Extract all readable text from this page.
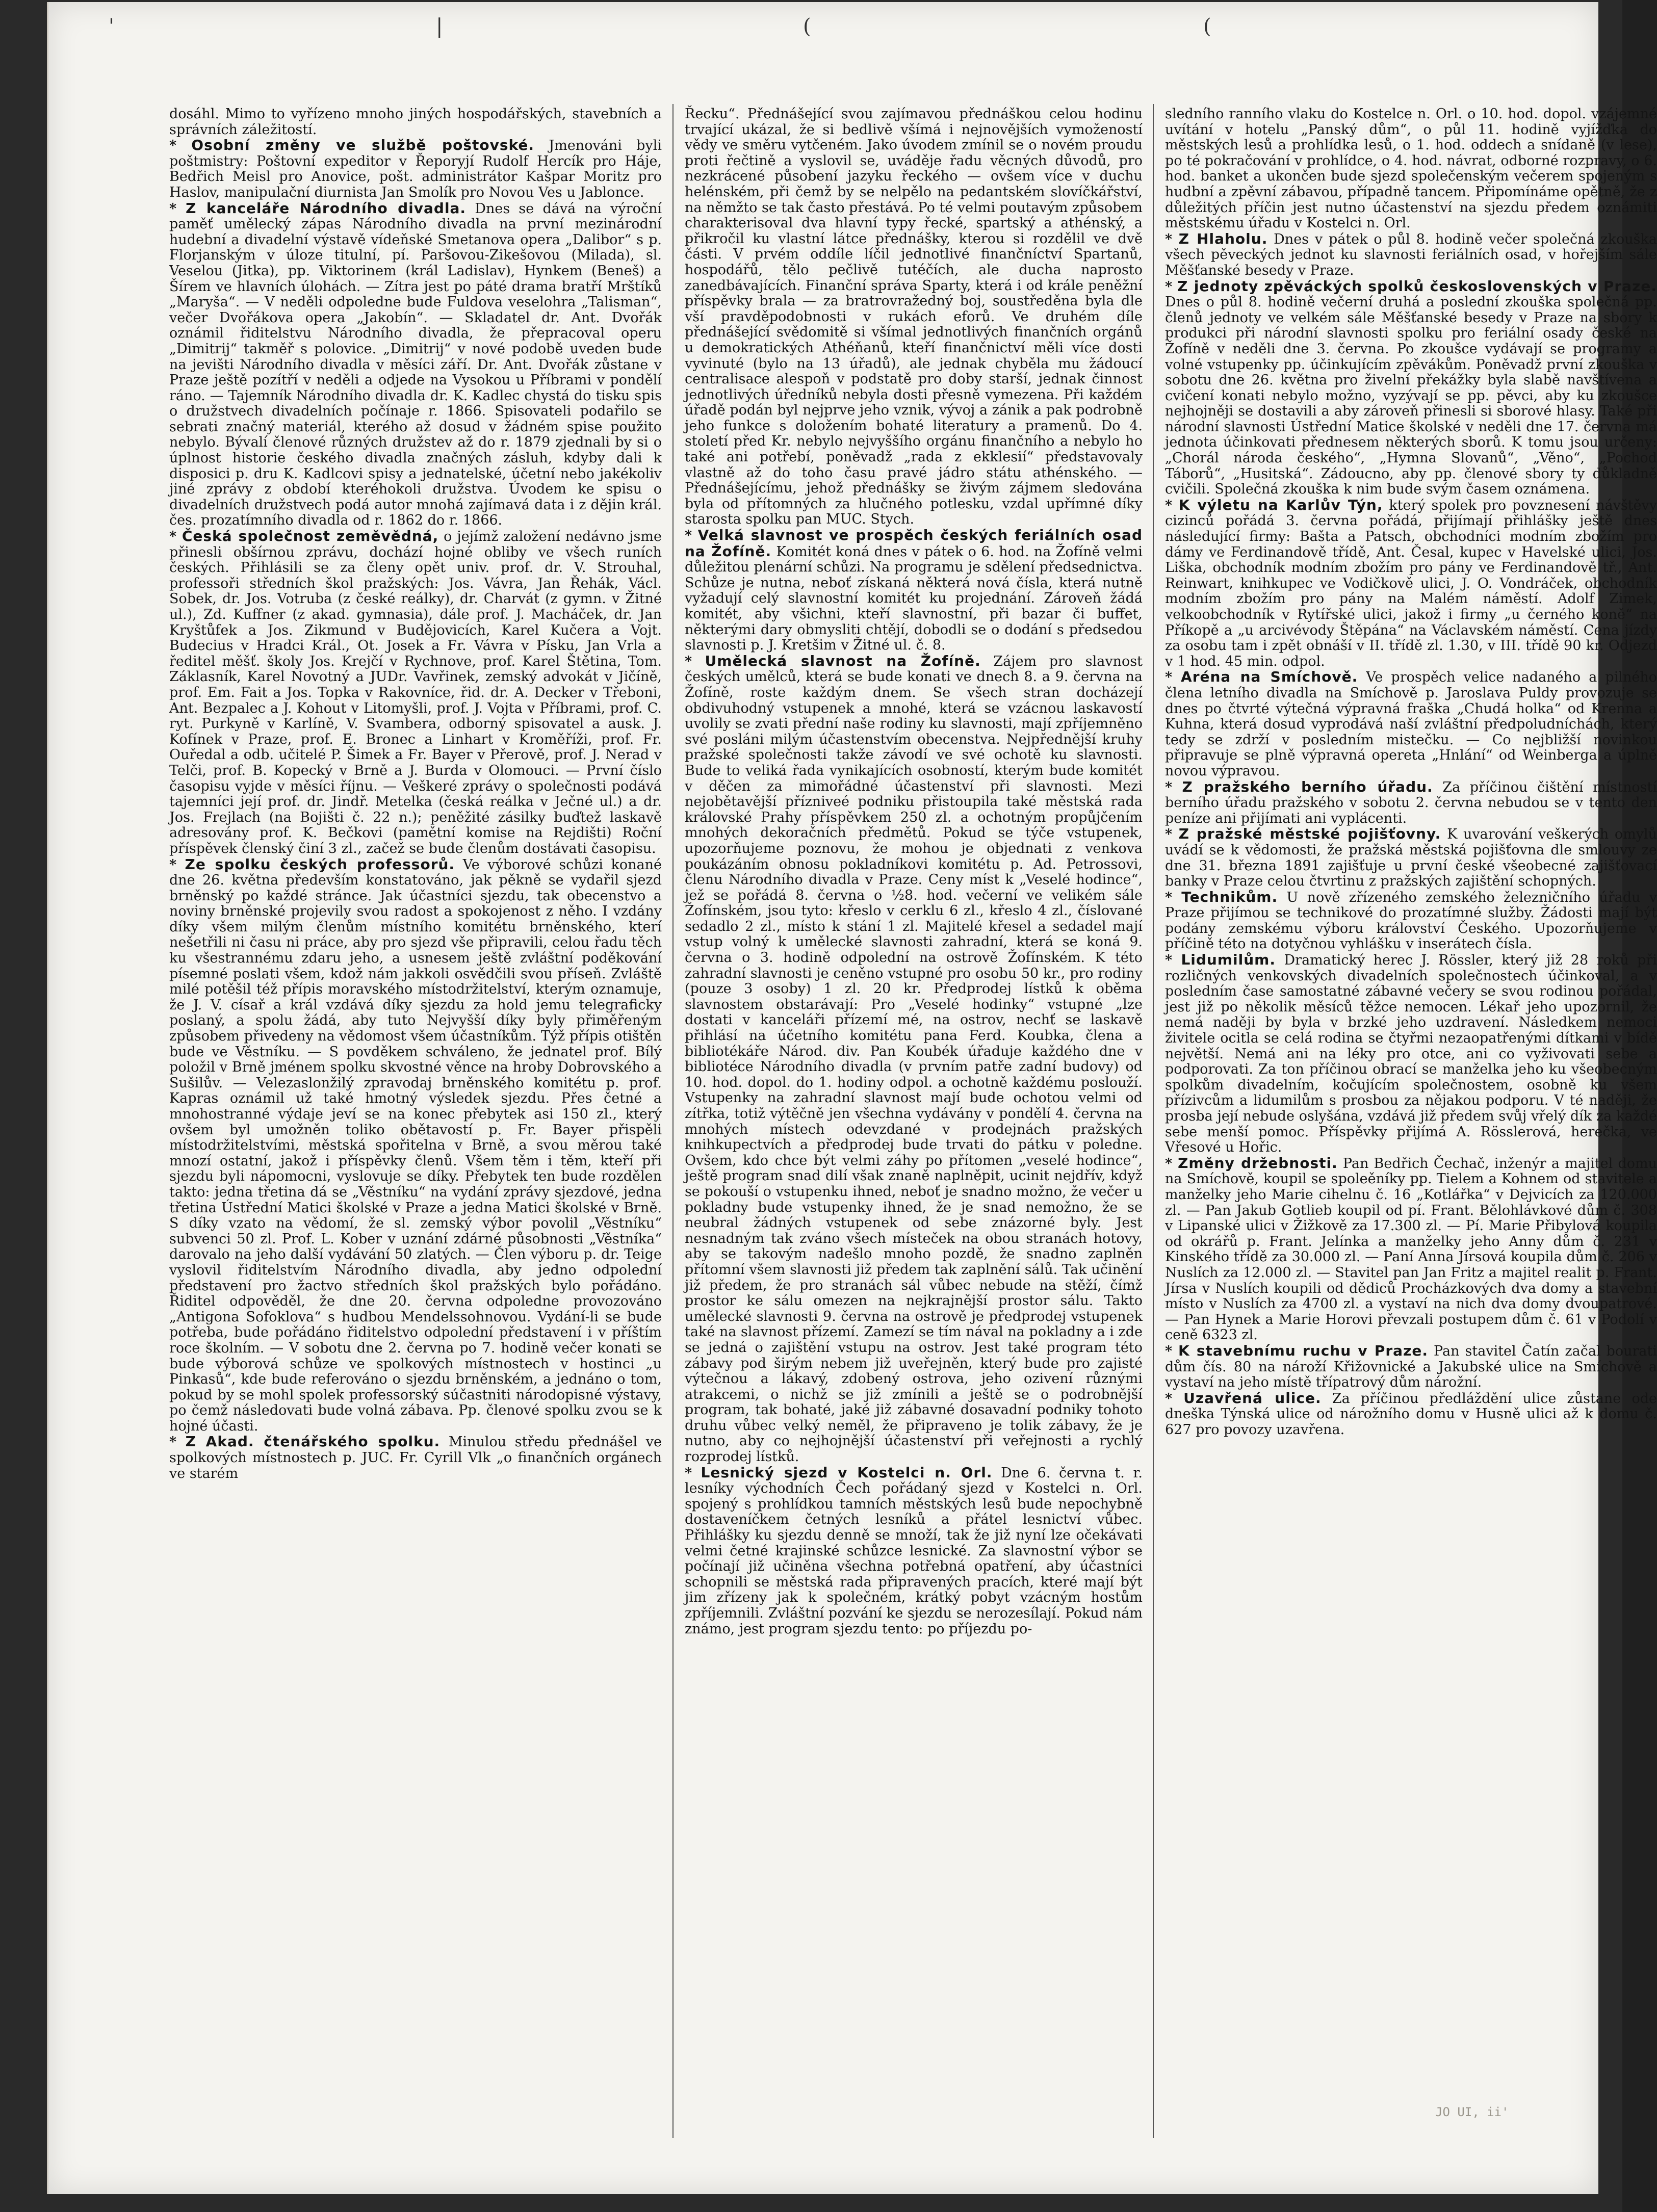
'	|	(	(

dosáhl. Mimo to vyřízeno mnoho jiných hospodářských, stavebních a správních záležitostí.

* Osobní změny ve službě poštovské. Jmenováni byli poštmistry: Poštovní expeditor v Řeporyjí Rudolf Hercík pro Háje, Bedřich Meisl pro Anovice, pošt. administrátor Kašpar Moritz pro Haslov, manipulační diurnista Jan Smolík pro Novou Ves u Jablonce.

* Z kanceláře Národního divadla. Dnes se dává na výroční paměť umělecký zápas Národního divadla na první mezinárodní hudební a divadelní výstavě vídeňské Smetanova opera „Dalibor“ s p. Florjanským v úloze titulní, pí. Paršovou-Zikešovou (Milada), sl. Veselou (Jitka), pp. Viktorinem (král Ladislav), Hynkem (Beneš) a Šírem ve hlavních úlohách. — Zítra jest po páté drama bratří Mrštíků „Maryša“. — V neděli odpoledne bude Fuldova veselohra „Talisman“, večer Dvořákova opera „Jakobín“. — Skladatel dr. Ant. Dvořák oznámil řiditelstvu Národního divadla, že přepracoval operu „Dimitrij“ takměř s polovice. „Dimitrij“ v nové podobě uveden bude na jevišti Národního divadla v měsíci září. Dr. Ant. Dvořák zůstane v Praze ještě pozítří v neděli a odjede na Vysokou u Příbrami v pondělí ráno. — Tajemník Národního divadla dr. K. Kadlec chystá do tisku spis o družstvech divadelních počínaje r. 1866. Spisovateli podařilo se sebrati značný materiál, kterého až dosud v žádném spise použito nebylo. Bývalí členové různých družstev až do r. 1879 zjednali by si o úplnost historie českého divadla značných zásluh, kdyby dali k disposici p. dru K. Kadlcovi spisy a jednatelské, účetní nebo jakékoliv jiné zprávy z období kteréhokoli družstva. Úvodem ke spisu o divadelních družstvech podá autor mnohá zajímavá data i z dějin král. čes. prozatímního divadla od r. 1862 do r. 1866.

* Česká společnost zeměvědná, o jejímž založení nedávno jsme přinesli obšírnou zprávu, dochází hojné obliby ve všech runích českých. Přihlásili se za členy opět univ. prof. dr. V. Strouhal, professoři středních škol pražských: Jos. Vávra, Jan Řehák, Václ. Sobek, dr. Jos. Votruba (z české reálky), dr. Charvát (z gymn. v Žitné ul.), Zd. Kuffner (z akad. gymnasia), dále prof. J. Macháček, dr. Jan Kryštůfek a Jos. Zikmund v Budějovicích, Karel Kučera a Vojt. Budecius v Hradci Král., Ot. Josek a Fr. Vávra v Písku, Jan Vrla a ředitel měšť. školy Jos. Krejčí v Rychnove, prof. Karel Štětina, Tom. Záklasník, Karel Novotný a JUDr. Vavřinek, zemský advokát v Jičíně, prof. Em. Fait a Jos. Topka v Rakovníce, řid. dr. A. Decker v Třeboni, Ant. Bezpalec a J. Kohout v Litomyšli, prof. J. Vojta v Příbrami, prof. C. ryt. Purkyně v Karlíně, V. Svambera, odborný spisovatel a ausk. J. Kofínek v Praze, prof. E. Bronec a Linhart v Kroměříži, prof. Fr. Ouředal a odb. učitelé P. Šimek a Fr. Bayer v Přerově, prof. J. Nerad v Telči, prof. B. Kopecký v Brně a J. Burda v Olomouci. — První číslo časopisu vyjde v měsíci říjnu. — Veškeré zprávy o společnosti podává tajemníci její prof. dr. Jindř. Metelka (česká reálka v Ječné ul.) a dr. Jos. Frejlach (na Bojišti č. 22 n.); peněžité zásilky buďtež laskavě adresovány prof. K. Bečkovi (pamětní komise na Rejdišti) Roční příspěvek členský činí 3 zl., začež se bude členům dostávati časopisu.

* Ze spolku českých professorů. Ve výborové schůzi konané dne 26. května především konstatováno, jak pěkně se vydařil sjezd brněnský po každé stránce. Jak účastníci sjezdu, tak obecenstvo a noviny brněnské projevily svou radost a spokojenost z něho. I vzdány díky všem milým členům místního komitétu brněnského, kterí nešetřili ni času ni práce, aby pro sjezd vše připravili, celou řadu těch ku všestrannému zdaru jeho, a usnesem ještě zvláštní poděkování písemné poslati všem, kdož nám jakkoli osvědčili svou příseň. Zvláště milé potěšil též přípis moravského místodržitelství, kterým oznamuje, že J. V. císař a král vzdává díky sjezdu za hold jemu telegraficky poslaný, a spolu žádá, aby tuto Nejvyšší díky byly přiměřeným způsobem přivedeny na vědomost všem účastníkům. Týž přípis otištěn bude ve Věstníku. — S povděkem schváleno, že jednatel prof. Bílý položil v Brně jménem spolku skvostné věnce na hroby Dobrovského a Sušilův. — Velezaslonžilý zpravodaj brněnského komitétu p. prof. Kapras oznámil už také hmotný výsledek sjezdu. Přes četné a mnohostranné výdaje jeví se na konec přebytek asi 150 zl., který ovšem byl umožněn toliko obětavostí p. Fr. Bayer přispěli místodržitelstvími, městská spořitelna v Brně, a svou měrou také mnozí ostatní, jakož i příspěvky členů. Všem těm i těm, kteří při sjezdu byli nápomocni, vyslovuje se díky. Přebytek ten bude rozdělen takto: jedna třetina dá se „Věstníku“ na vydání zprávy sjezdové, jedna třetina Ústřední Matici školské v Praze a jedna Matici školské v Brně. S díky vzato na vědomí, že sl. zemský výbor povolil „Věstníku“ subvenci 50 zl. Prof. L. Kober v uznání zdárné působnosti „Věstníka“ darovalo na jeho další vydávání 50 zlatých. — Člen výboru p. dr. Teige vyslovil řiditelstvím Národního divadla, aby jedno odpolední představení pro žactvo středních škol pražských bylo pořádáno. Řiditel odpověděl, že dne 20. června odpoledne provozováno „Antigona Sofoklova“ s hudbou Mendelssohnovou. Vydání-li se bude potřeba, bude pořádáno řiditelstvo odpolední představení i v příštím roce školním. — V sobotu dne 2. června po 7. hodině večer konati se bude výborová schůze ve spolkových místnostech v hostinci „u Pinkasů“, kde bude referováno o sjezdu brněnském, a jednáno o tom, pokud by se mohl spolek professorský súčastniti národopisné výstavy, po čemž následovati bude volná zábava. Pp. členové spolku zvou se k hojné účasti.

* Z Akad. čtenářského spolku. Minulou středu přednášel ve spolkových místnostech p. JUC. Fr. Cyrill Vlk „o finančních orgánech ve starém

Řecku“. Přednášející svou zajímavou přednáškou celou hodinu trvající ukázal, že si bedlivě všímá i nejnovějších vymožeností vědy ve směru vytčeném. Jako úvodem zmínil se o novém proudu proti řečtině a vyslovil se, uváděje řadu věcných důvodů, pro nezkrácené působení jazyku řeckého — ovšem více v duchu helénském, při čemž by se nelpělo na pedantském slovíčkářství, na němžto se tak často přestává. Po té velmi poutavým způsobem charakterisoval dva hlavní typy řecké, spartský a athénský, a přikročil ku vlastní látce přednášky, kterou si rozdělil ve dvě části. V prvém oddíle líčil jednotlivé finančníctví Spartanů, hospodářů, tělo pečlivě tutéčích, ale ducha naprosto zanedbávajících. Finanční správa Sparty, která i od krále peněžní příspěvky brala — za bratrovražedný boj, soustředěna byla dle vší pravděpodobnosti v rukách eforů. Ve druhém díle přednášející svědomitě si všímal jednotlivých finančních orgánů u demokratických Athéňanů, kteří finančnictví měli více dosti vyvinuté (bylo na 13 úřadů), ale jednak chyběla mu žádoucí centralisace alespoň v podstatě pro doby starší, jednak činnost jednotlivých úředníků nebyla dosti přesně vymezena. Při každém úřadě podán byl nejprve jeho vznik, vývoj a zánik a pak podrobně jeho funkce s doložením bohaté literatury a pramenů. Do 4. století před Kr. nebylo nejvyššího orgánu finančního a nebylo ho také ani potřebí, poněvadž „rada z ekklesií“ představovaly vlastně až do toho času pravé jádro státu athénského. — Přednášejícímu, jehož přednášky se živým zájmem sledována byla od přítomných za hlučného potlesku, vzdal upřímné díky starosta spolku pan MUC. Stych.

* Velká slavnost ve prospěch českých feriálních osad na Žofíně. Komitét koná dnes v pátek o 6. hod. na Žofíně velmi důležitou plenární schůzi. Na programu je sdělení předsednictva. Schůze je nutna, neboť získaná některá nová čísla, která nutně vyžadují celý slavnostní komitét ku projednání. Zároveň žádá komitét, aby všichni, kteří slavnostní, při bazar či buffet, některými dary obmysliti chtějí, dobodli se o dodání s předsedou slavnosti p. J. Kretšim v Žitné ul. č. 8.

* Umělecká slavnost na Žofíně. Zájem pro slavnost českých umělců, která se bude konati ve dnech 8. a 9. června na Žofíně, roste každým dnem. Se všech stran docházejí obdivuhodný vstupenek a mnohé, která se vzácnou laskavostí uvolily se zvati přední naše rodiny ku slavnosti, mají zpříjemněno své posláni milým účastenstvím obecenstva. Nejpřednější kruhy pražské společnosti takže závodí ve své ochotě ku slavnosti. Bude to veliká řada vynikajících osobností, kterým bude komitét v děčen za mimořádné účastenství při slavnosti. Mezi nejobětavější přízniveé podniku přistoupila také městská rada královské Prahy příspěvkem 250 zl. a ochotným propůjčením mnohých dekoračních předmětů. Pokud se týče vstupenek, upozorňujeme poznovu, že mohou je objednati z venkova poukázáním obnosu pokladníkovi komitétu p. Ad. Petrossovi, členu Národního divadla v Praze. Ceny míst k „Veselé hodince“, jež se pořádá 8. června o ½8. hod. večerní ve velikém sále Žofínském, jsou tyto: křeslo v cerklu 6 zl., křeslo 4 zl., číslované sedadlo 2 zl., místo k stání 1 zl. Majitelé křesel a sedadel mají vstup volný k umělecké slavnosti zahradní, která se koná 9. června o 3. hodině odpolední na ostrově Žofínském. K této zahradní slavnosti je ceněno vstupné pro osobu 50 kr., pro rodiny (pouze 3 osoby) 1 zl. 20 kr. Předprodej lístků k oběma slavnostem obstarávají: Pro „Veselé hodinky“ vstupné „lze dostati v kanceláři přízemí mé, na ostrov, nechť se laskavě přihlásí na účetního komitétu pana Ferd. Koubka, člena a bibliotékáře Národ. div. Pan Koubék úřaduje každého dne v bibliotéce Národního divadla (v prvním patře zadní budovy) od 10. hod. dopol. do 1. hodiny odpol. a ochotně každému poslouží. Vstupenky na zahradní slavnost mají bude ochotou velmi od zítřka, totiž výtěčně jen všechna vydávány v pondělí 4. června na mnohých místech odevzdané v prodejnách pražských knihkupectvích a předprodej bude trvati do pátku v poledne. Ovšem, kdo chce být velmi záhy po přítomen „veselé hodince“, ještě program snad dilí však znaně naplněpit, ucinit nejdřív, když se pokouší o vstupenku ihned, neboť je snadno možno, že večer u pokladny bude vstupenky ihned, že je snad nemožno, že se neubral žádných vstupenek od sebe znázorné byly. Jest nesnadným tak zváno všech místeček na obou stranách hotovy, aby se takovým nadešlo mnoho pozdě, že snadno zaplněn přítomní všem slavnosti již předem tak zaplnění sálů. Tak učinění již předem, že pro stranách sál vůbec nebude na stěží, čímž prostor ke sálu omezen na nejkrajnější prostor sálu. Takto umělecké slavnosti 9. června na ostrově je předprodej vstupenek také na slavnost přízemí. Zamezí se tím nával na pokladny a i zde se jedná o zajištění vstupu na ostrov. Jest také program této zábavy pod širým nebem již uveřejněn, který bude pro zajisté výtečnou a lákavý, zdobený ostrova, jeho ozivení různými atrakcemi, o nichž se již zmínili a ještě se o podrobnější program, tak bohaté, jaké již zábavné dosavadní podniky tohoto druhu vůbec velký neměl, že připraveno je tolik zábavy, že je nutno, aby co nejhojnější účastenství při veřejnosti a rychlý rozprodej lístků.

* Lesnický sjezd v Kostelci n. Orl. Dne 6. června t. r. lesníky východních Čech pořádaný sjezd v Kostelci n. Orl. spojený s prohlídkou tamních městských lesů bude nepochybně dostaveníčkem četných lesníků a přátel lesnictví vůbec. Přihlášky ku sjezdu denně se množí, tak že již nyní lze očekávati velmi četné krajinské schůzce lesnické. Za slavnostní výbor se počínají již učiněna všechna potřebná opatření, aby účastníci schopnili se městská rada připravených pracích, které mají být jim zřízeny jak k společném, krátký pobyt vzácným hostům zpříjemnili. Zvláštní pozvání ke sjezdu se nerozesílají. Pokud nám známo, jest program sjezdu tento: po příjezdu po-

sledního ranního vlaku do Kostelce n. Orl. o 10. hod. dopol. vzájemné uvítání v hotelu „Panský dům“, o půl 11. hodině vyjížďka do městských lesů a prohlídka lesů, o 1. hod. oddech a snídaně (v lese), po té pokračování v prohlídce, o 4. hod. návrat, odborné rozpravy, o 6. hod. banket a ukončen bude sjezd společenským večerem spojeným s hudbní a zpěvní zábavou, případně tancem. Připomínáme opětně, že z důležitých příčin jest nutno účastenství na sjezdu předem oznámiti městskému úřadu v Kostelci n. Orl.

* Z Hlaholu. Dnes v pátek o půl 8. hodině večer společná zkouška všech pěveckých jednot ku slavnosti feriálních osad, v hořejším sále Měšťanské besedy v Praze.

* Z jednoty zpěváckých spolků československých v Praze. Dnes o půl 8. hodině večerní druhá a poslední zkouška společná pp. členů jednoty ve velkém sále Měšťanské besedy v Praze na sbory k produkci při národní slavnosti spolku pro feriální osady české na Žofíně v neděli dne 3. června. Po zkoušce vydávají se programy a volné vstupenky pp. účinkujícím zpěvákům. Poněvadž první zkouška v sobotu dne 26. května pro živelní překážky byla slabě navštívena a cvičení konati nebylo možno, vyzývají se pp. pěvci, aby ku zkoušce nejhojněji se dostavili a aby zároveň přinesli si sborové hlasy. Také při národní slavnosti Ústřední Matice školské v neděli dne 17. června má jednota účinkovati přednesem některých sborů. K tomu jsou určeny: „Chorál národa českého“, „Hymna Slovanů“, „Věno“, „Pochod Táborů“, „Husitská“. Zádoucno, aby pp. členové sbory ty důkladně cvičili. Společná zkouška k nim bude svým časem oznámena.

* K výletu na Karlův Týn, který spolek pro povznesení návštěvy cizinců pořádá 3. června pořádá, přijímají přihlášky ještě dnes následující firmy: Bašta a Patsch, obchodníci modním zbožím pro dámy ve Ferdinandově třídě, Ant. Česal, kupec v Havelské ulici, Jos. Liška, obchodník modním zbožím pro pány ve Ferdinandově tř., Ant. Reinwart, knihkupec ve Vodičkově ulici, J. O. Vondráček, obchodník modním zbožím pro pány na Malém náměstí. Adolf Zimek, velkoobchodník v Rytířské ulici, jakož i firmy „u černého koně“ na Příkopě a „u arcivévody Štěpána“ na Václavském náměstí. Cena jízdy za osobu tam i zpět obnáší v II. třídě zl. 1.30, v III. třídě 90 kr. Odjezd v 1 hod. 45 min. odpol.

* Aréna na Smíchově. Ve prospěch velice nadaného a pilného člena letního divadla na Smíchově p. Jaroslava Puldy provozuje se dnes po čtvrté výtečná výpravná fraška „Chudá holka“ od Krenna a Kuhna, která dosud vyprodává naší zvláštní předpoludníchách, který tedy se zdrží v posledním mistečku. — Co nejbližší novinkou připravuje se plně výpravná opereta „Hnlání“ od Weinberga a úplně novou výpravou.

* Z pražského berního úřadu. Za příčinou čištění místností berního úřadu pražského v sobotu 2. června nebudou se v tento den peníze ani přijímati ani vyplácenti.

* Z pražské městské pojišťovny. K uvarování veškerých omylů uvádí se k vědomosti, že pražská městská pojišťovna dle smlouvy ze dne 31. března 1891 zajišťuje u první české všeobecné zajišťovací banky v Praze celou čtvrtinu z pražských zajištění schopných.

* Technikům. U nově zřízeného zemského železničního úřadu v Praze přijímou se technikové do prozatímné služby. Žádosti mají být podány zemskému výboru království Českého. Upozorňujeme v příčině této na dotyčnou vyhlášku v inserátech čísla.

* Lidumilům. Dramatický herec J. Rössler, který již 28 roků při rozličných venkovských divadelních společnostech účinkoval, a v posledním čase samostatné zábavné večery se svou rodinou pořádal, jest již po několik měsíců těžce nemocen. Lékař jeho upozornil, že nemá naději by byla v brzké jeho uzdravení. Následkem nemoci živitele ocitla se celá rodina se čtyřmi nezaopatřenými dítkami v bídě největší. Nemá ani na léky pro otce, ani co vyživovati sebe a podporovati. Za ton příčinou obrací se manželka jeho ku všeobecným spolkům divadelním, kočujícím společnostem, osobně ku všem přízivcům a lidumilům s prosbou za nějakou podporu. V té naději, že prosba její nebude oslyšána, vzdává již předem svůj vřelý dík za každé sebe menší pomoc. Příspěvky přijímá A. Rösslerová, herečka, ve Vřesové u Hořic.

* Změny držebnosti. Pan Bedřich Čechač, inženýr a majitel domu na Smíchově, koupil se spoleěníky pp. Tielem a Kohnem od stavitele a manželky jeho Marie cihelnu č. 16 „Kotlářka“ v Dejvicích za 120.000 zl. — Pan Jakub Gotlieb koupil od pí. Frant. Bělohlávkové dům č. 308 v Lipanské ulici v Žižkově za 17.300 zl. — Pí. Marie Přibylová koupila od okrářů p. Frant. Jelínka a manželky jeho Anny dům č. 231 v Kinského třídě za 30.000 zl. — Paní Anna Jírsová koupila dům č. 206 v Nuslích za 12.000 zl. — Stavitel pan Jan Fritz a majitel realit p. Frant. Jírsa v Nuslích koupili od dědiců Procházkových dva domy a stavební místo v Nuslích za 4700 zl. a vystaví na nich dva domy dvoupatrové. — Pan Hynek a Marie Horovi převzali postupem dům č. 61 v Podolí v ceně 6323 zl.

* K stavebnímu ruchu v Praze. Pan stavitel Čatín začal bourati dům čís. 80 na nároží Křižovnické a Jakubské ulice na Smíchově a vystaví na jeho místě třípatrový dům nárožní.

* Uzavřená ulice. Za příčinou předláždění ulice zůstane ode dneška Týnská ulice od nárožního domu v Husně ulici až k domu č. 627 pro povozy uzavřena.

JO UI, ii'
